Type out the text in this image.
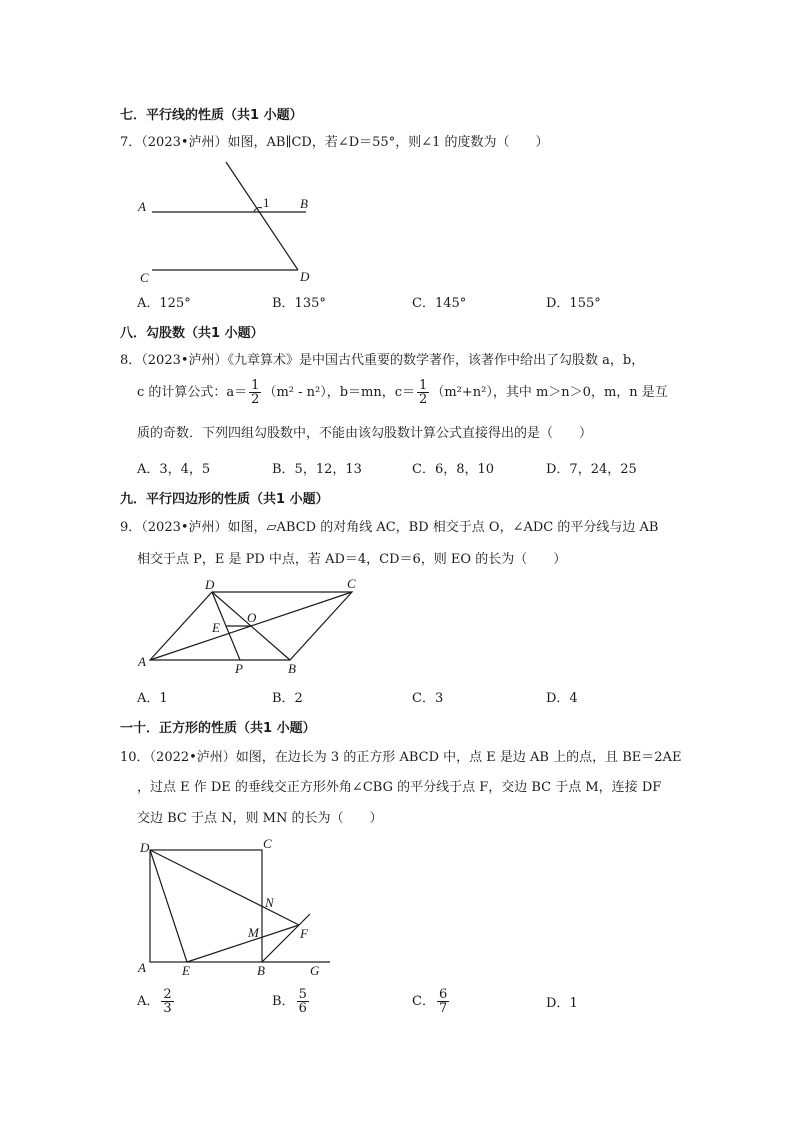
七．平行线的性质（共1 小题）
7．（2023•泸州）如图，AB∥CD，若∠D＝55°，则∠1 的度数为（　　）
A	B
C	D
1
A．125°	B．135°	C．145°	D．155°
八．勾股数（共1 小题）
8．（2023•泸州）《九章算术》是中国古代重要的数学著作，该著作中给出了勾股数 a，b，
c 的计算公式：$a= \frac{1}{2} (m^2 - n^2)$，b＝mn，$c= \frac{1}{2} (m^2+n^2)$，其中 m＞n＞0，m，n 是互
质的奇数．下列四组勾股数中，不能由该勾股数计算公式直接得出的是（　　）
A．3，4，5	B．5，12，13	C．6，8，10	D．7，24，25
九．平行四边形的性质（共1 小题）
9．（2023•泸州）如图，▱ABCD 的对角线 AC，BD 相交于点 O，∠ADC 的平分线与边 AB
相交于点 P，E 是 PD 中点，若 AD＝4，CD＝6，则 EO 的长为（　　）
D	C
A	B
P
E
O
A．1	B．2	C．3	D．4
一十．正方形的性质（共1 小题）
10．（2022•泸州）如图，在边长为 3 的正方形 ABCD 中，点 E 是边 AB 上的点，且 BE＝2AE
，过点 E 作 DE 的垂线交正方形外角∠CBG 的平分线于点 F，交边 BC 于点 M，连接 DF
交边 BC 于点 N，则 MN 的长为（　　）
D	C
A	E	B	G
N
M	F
A． $\frac{2}{3}$	B． $\frac{5}{6}$	C． $\frac{6}{7}$	D．1
